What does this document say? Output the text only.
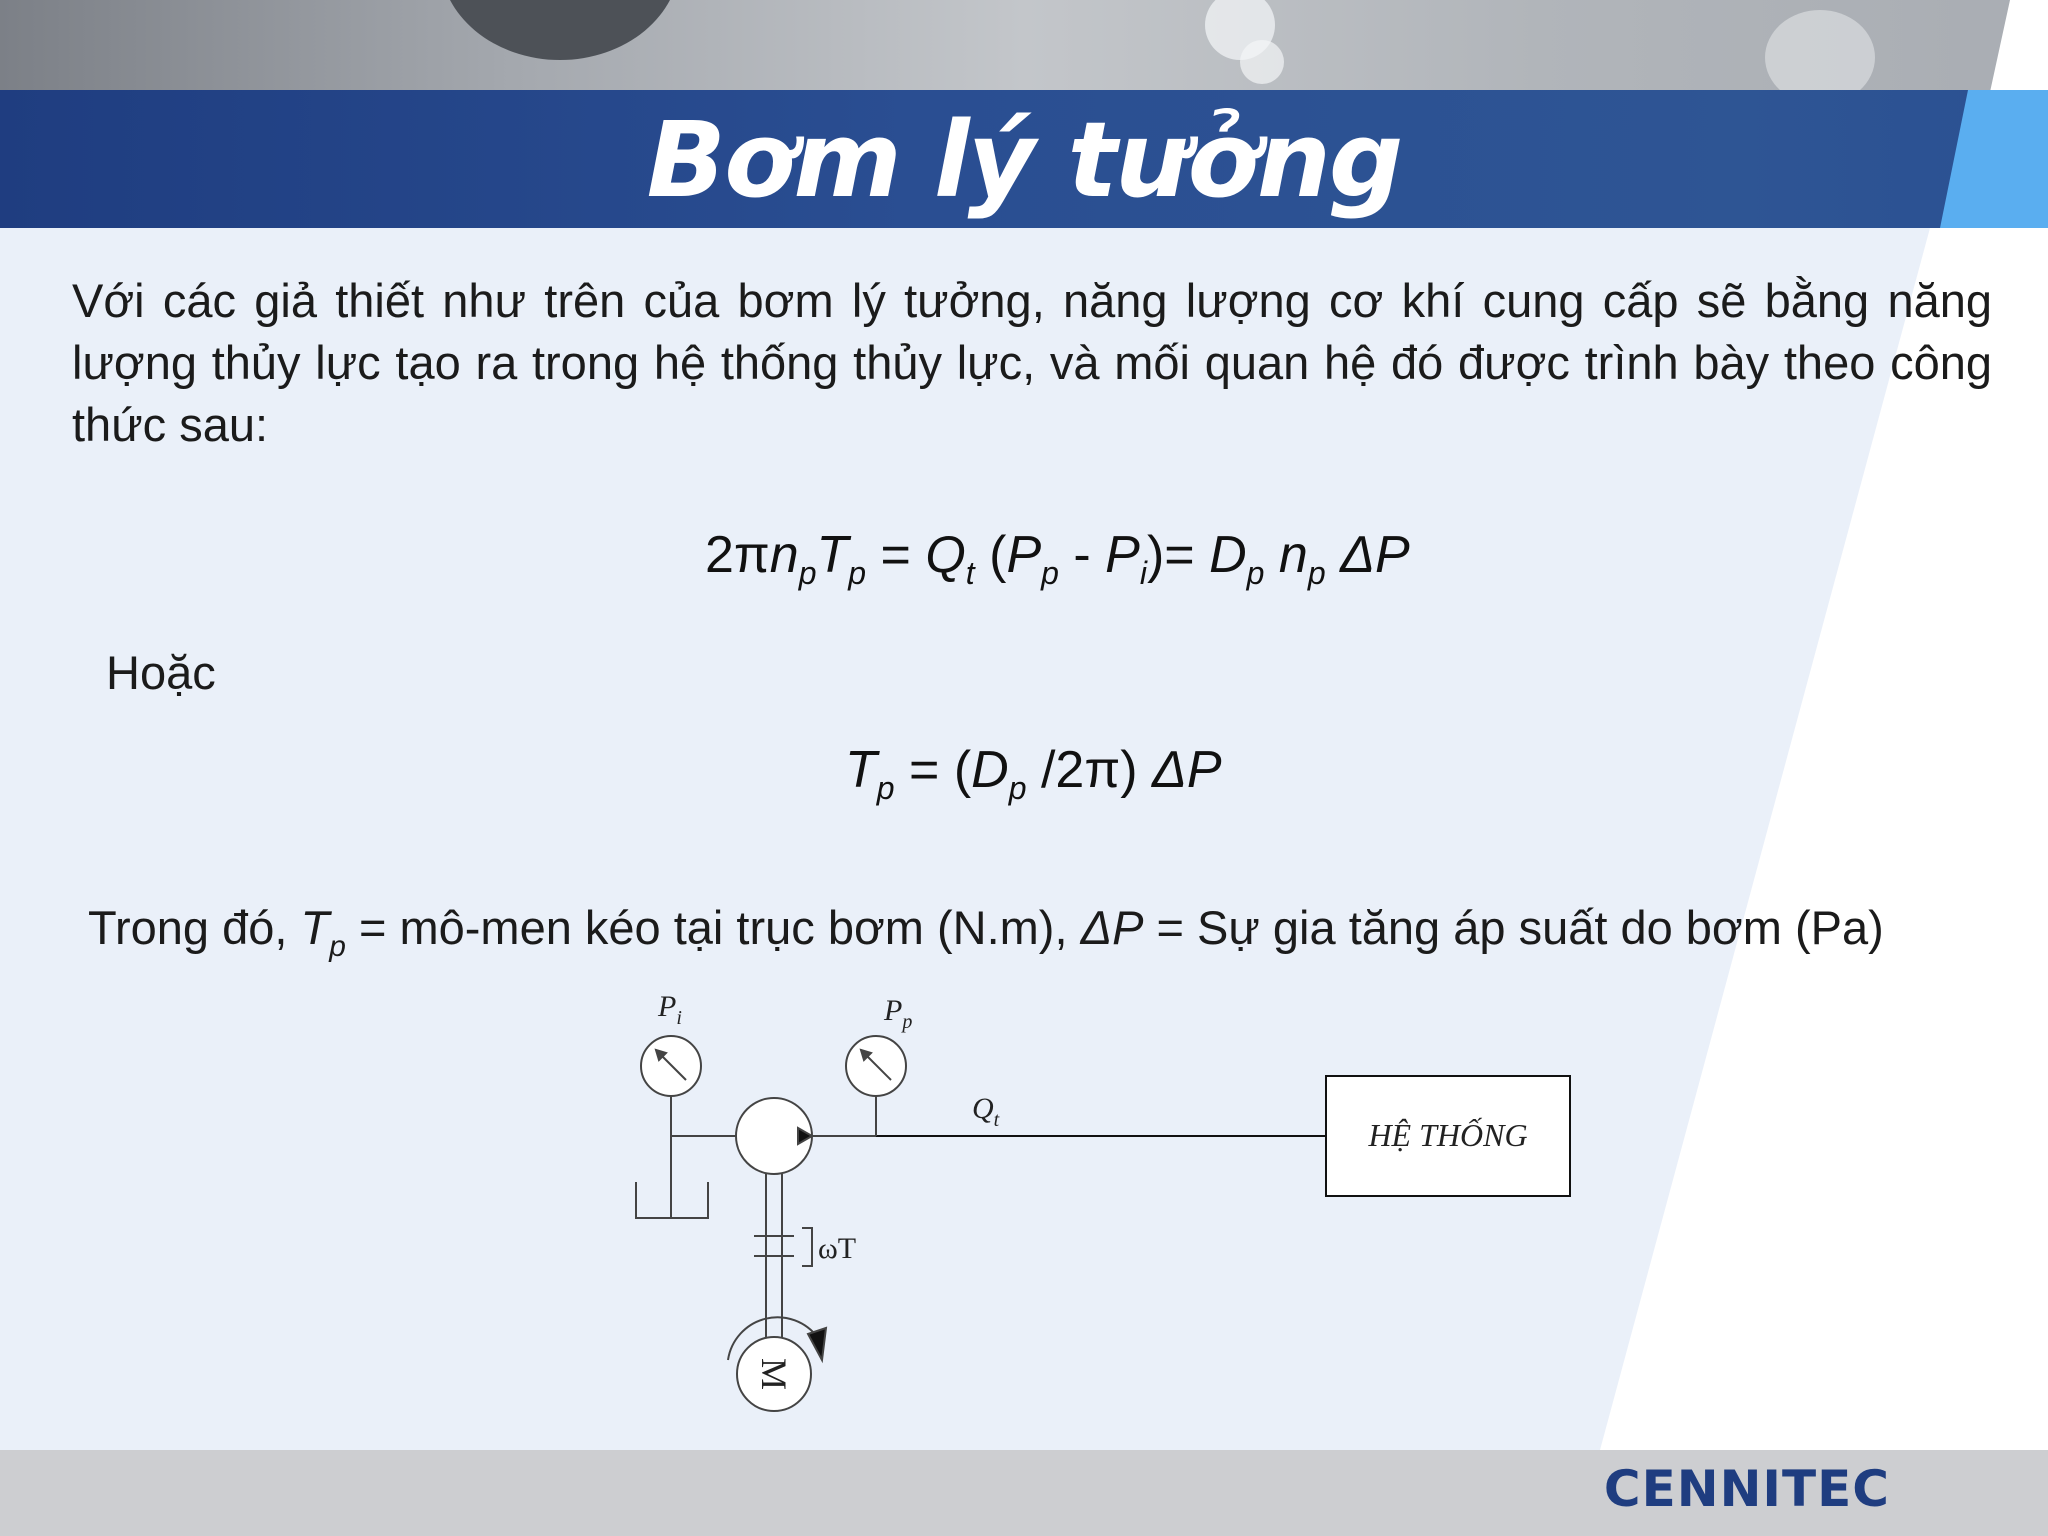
Bơm lý tưởng

Với các giả thiết như trên của bơm lý tưởng, năng lượng cơ khí cung cấp sẽ bằng năng lượng thủy lực tạo ra trong hệ thống thủy lực, và mối quan hệ đó được trình bày theo công thức sau:

$2\pi n_pT_p = Q_t$ $(P_p - P_i)= D_p$ $n_p$ ΔP
Hoặc
$T_p = (D_p$ /2π) ΔP
Trong đó, $T_p$ = mô-men kéo tại trục bơm (N.m), ΔP = Sự gia tăng áp suất do bơm (Pa)
$P_i$	$P_p$
$Q_t$	HỆ THỐNG
ωT
M
CENNITEC
